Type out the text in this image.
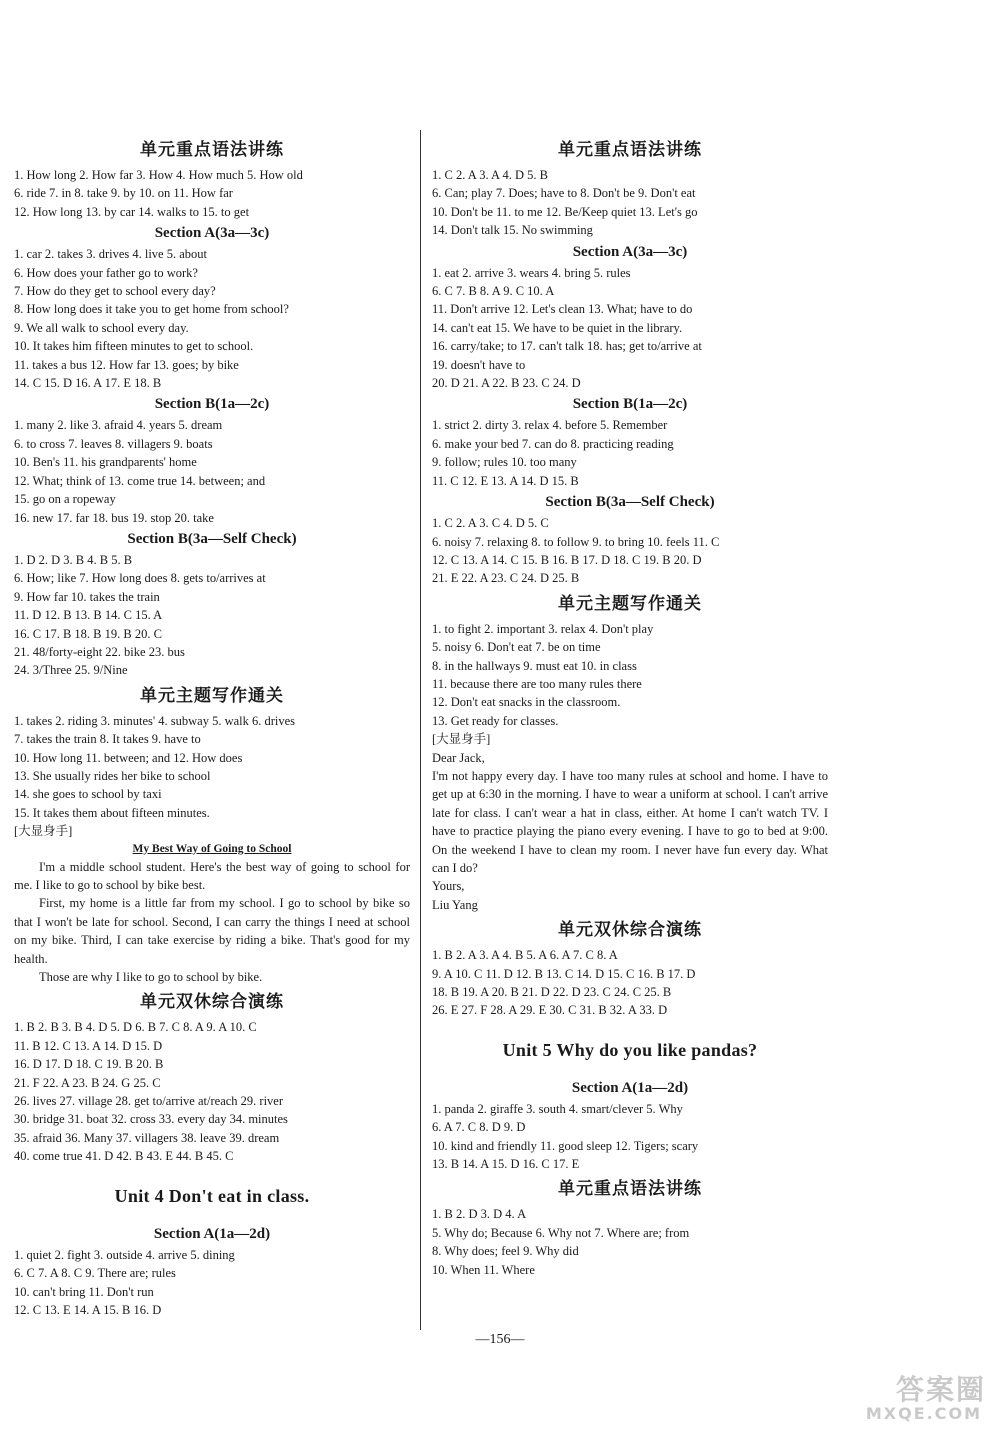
单元重点语法讲练
1. How long 2. How far 3. How 4. How much 5. How old
6. ride 7. in 8. take 9. by 10. on 11. How far
12. How long 13. by car 14. walks to 15. to get
Section A(3a—3c)
1. car 2. takes 3. drives 4. live 5. about
6. How does your father go to work?
7. How do they get to school every day?
8. How long does it take you to get home from school?
9. We all walk to school every day.
10. It takes him fifteen minutes to get to school.
11. takes a bus 12. How far 13. goes; by bike
14. C 15. D 16. A 17. E 18. B
Section B(1a—2c)
1. many 2. like 3. afraid 4. years 5. dream
6. to cross 7. leaves 8. villagers 9. boats
10. Ben's 11. his grandparents' home
12. What; think of 13. come true 14. between; and
15. go on a ropeway
16. new 17. far 18. bus 19. stop 20. take
Section B(3a—Self Check)
1. D 2. D 3. B 4. B 5. B
6. How; like 7. How long does 8. gets to/arrives at
9. How far 10. takes the train
11. D 12. B 13. B 14. C 15. A
16. C 17. B 18. B 19. B 20. C
21. 48/forty-eight 22. bike 23. bus
24. 3/Three 25. 9/Nine
单元主题写作通关
1. takes 2. riding 3. minutes' 4. subway 5. walk 6. drives
7. takes the train 8. It takes 9. have to
10. How long 11. between; and 12. How does
13. She usually rides her bike to school
14. she goes to school by taxi
15. It takes them about fifteen minutes.
[大显身手]
My Best Way of Going to School
I'm a middle school student. Here's the best way of going to school for me. I like to go to school by bike best.
First, my home is a little far from my school. I go to school by bike so that I won't be late for school. Second, I can carry the things I need at school on my bike. Third, I can take exercise by riding a bike. That's good for my health.
Those are why I like to go to school by bike.
单元双休综合演练
1. B 2. B 3. B 4. D 5. D 6. B 7. C 8. A 9. A 10. C
11. B 12. C 13. A 14. D 15. D
16. D 17. D 18. C 19. B 20. B
21. F 22. A 23. B 24. G 25. C
26. lives 27. village 28. get to/arrive at/reach 29. river
30. bridge 31. boat 32. cross 33. every day 34. minutes
35. afraid 36. Many 37. villagers 38. leave 39. dream
40. come true 41. D 42. B 43. E 44. B 45. C
Unit 4 Don't eat in class.
Section A(1a—2d)
1. quiet 2. fight 3. outside 4. arrive 5. dining
6. C 7. A 8. C 9. There are; rules
10. can't bring 11. Don't run
12. C 13. E 14. A 15. B 16. D
单元重点语法讲练
1. C 2. A 3. A 4. D 5. B
6. Can; play 7. Does; have to 8. Don't be 9. Don't eat
10. Don't be 11. to me 12. Be/Keep quiet 13. Let's go
14. Don't talk 15. No swimming
Section A(3a—3c)
1. eat 2. arrive 3. wears 4. bring 5. rules
6. C 7. B 8. A 9. C 10. A
11. Don't arrive 12. Let's clean 13. What; have to do
14. can't eat 15. We have to be quiet in the library.
16. carry/take; to 17. can't talk 18. has; get to/arrive at
19. doesn't have to
20. D 21. A 22. B 23. C 24. D
Section B(1a—2c)
1. strict 2. dirty 3. relax 4. before 5. Remember
6. make your bed 7. can do 8. practicing reading
9. follow; rules 10. too many
11. C 12. E 13. A 14. D 15. B
Section B(3a—Self Check)
1. C 2. A 3. C 4. D 5. C
6. noisy 7. relaxing 8. to follow 9. to bring 10. feels 11. C
12. C 13. A 14. C 15. B 16. B 17. D 18. C 19. B 20. D
21. E 22. A 23. C 24. D 25. B
单元主题写作通关
1. to fight 2. important 3. relax 4. Don't play
5. noisy 6. Don't eat 7. be on time
8. in the hallways 9. must eat 10. in class
11. because there are too many rules there
12. Don't eat snacks in the classroom.
13. Get ready for classes.
[大显身手]
Dear Jack,
I'm not happy every day. I have too many rules at school and home. I have to get up at 6:30 in the morning. I have to wear a uniform at school. I can't arrive late for class. I can't wear a hat in class, either. At home I can't watch TV. I have to practice playing the piano every evening. I have to go to bed at 9:00. On the weekend I have to clean my room. I never have fun every day. What can I do?
Yours,
Liu Yang
单元双休综合演练
1. B 2. A 3. A 4. B 5. A 6. A 7. C 8. A
9. A 10. C 11. D 12. B 13. C 14. D 15. C 16. B 17. D
18. B 19. A 20. B 21. D 22. D 23. C 24. C 25. B
26. E 27. F 28. A 29. E 30. C 31. B 32. A 33. D
Unit 5 Why do you like pandas?
Section A(1a—2d)
1. panda 2. giraffe 3. south 4. smart/clever 5. Why
6. A 7. C 8. D 9. D
10. kind and friendly 11. good sleep 12. Tigers; scary
13. B 14. A 15. D 16. C 17. E
单元重点语法讲练
1. B 2. D 3. D 4. A
5. Why do; Because 6. Why not 7. Where are; from
8. Why does; feel 9. Why did
10. When 11. Where
—156—
答案圈
MXQE.COM
